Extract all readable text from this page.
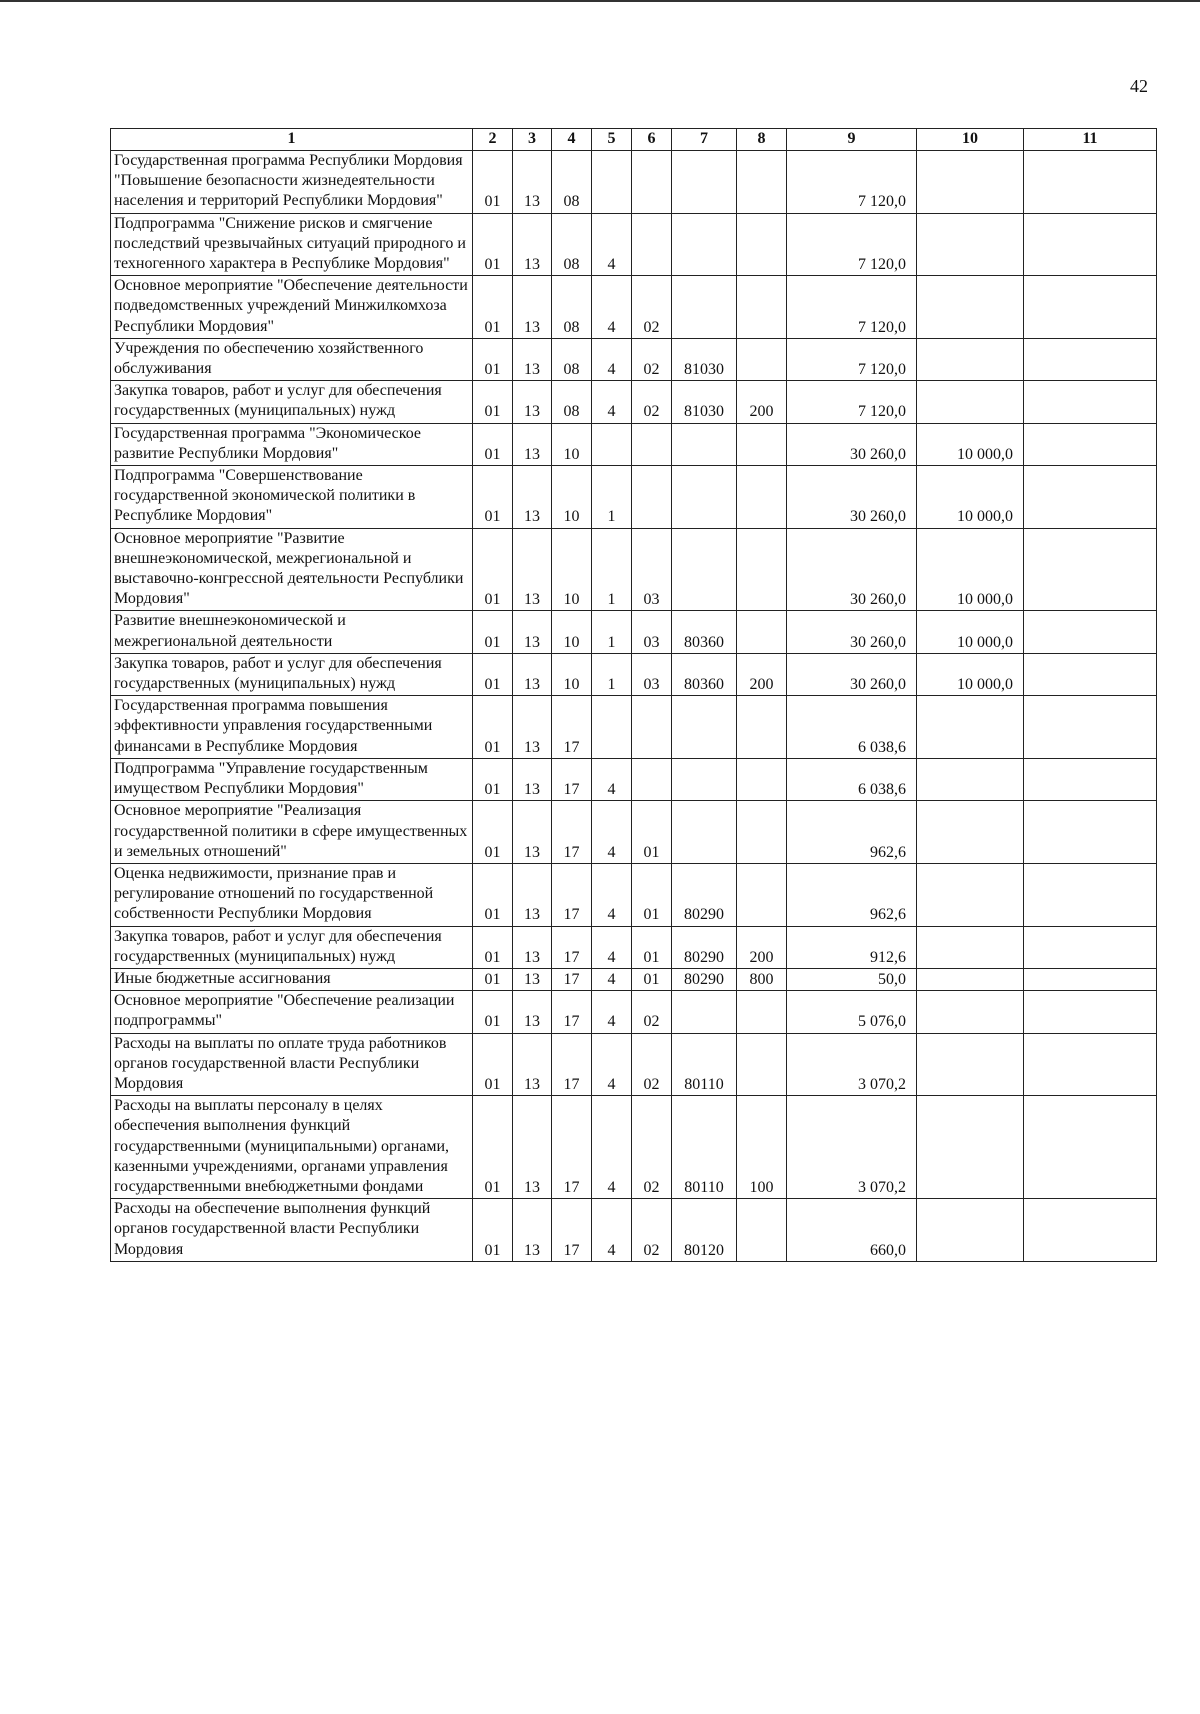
42
1	2	3	4	5	6	7	8	9	10	11
Государственная программа Республики Мордовия "Повышение безопасности жизнедеятельности населения и территорий Республики Мордовия"	01	13	08					7 120,0		
Подпрограмма "Снижение рисков и смягчение последствий чрезвычайных ситуаций природного и техногенного характера в Республике Мордовия"	01	13	08	4				7 120,0		
Основное мероприятие "Обеспечение деятельности подведомственных учреждений Минжилкомхоза Республики Мордовия"	01	13	08	4	02			7 120,0		
Учреждения по обеспечению хозяйственного обслуживания	01	13	08	4	02	81030		7 120,0		
Закупка товаров, работ и услуг для обеспечения государственных (муниципальных) нужд	01	13	08	4	02	81030	200	7 120,0		
Государственная программа "Экономическое развитие Республики Мордовия"	01	13	10					30 260,0	10 000,0	
Подпрограмма "Совершенствование государственной экономической политики в Республике Мордовия"	01	13	10	1				30 260,0	10 000,0	
Основное мероприятие "Развитие внешнеэкономической, межрегиональной и выставочно-конгрессной деятельности Республики Мордовия"	01	13	10	1	03			30 260,0	10 000,0	
Развитие внешнеэкономической и межрегиональной деятельности	01	13	10	1	03	80360		30 260,0	10 000,0	
Закупка товаров, работ и услуг для обеспечения государственных (муниципальных) нужд	01	13	10	1	03	80360	200	30 260,0	10 000,0	
Государственная программа повышения эффективности управления государственными финансами в Республике Мордовия	01	13	17					6 038,6		
Подпрограмма "Управление государственным имуществом Республики Мордовия"	01	13	17	4				6 038,6		
Основное мероприятие "Реализация государственной политики в сфере имущественных и земельных отношений"	01	13	17	4	01			962,6		
Оценка недвижимости, признание прав и регулирование отношений по государственной собственности Республики Мордовия	01	13	17	4	01	80290		962,6		
Закупка товаров, работ и услуг для обеспечения государственных (муниципальных) нужд	01	13	17	4	01	80290	200	912,6		
Иные бюджетные ассигнования	01	13	17	4	01	80290	800	50,0		
Основное мероприятие "Обеспечение реализации подпрограммы"	01	13	17	4	02			5 076,0		
Расходы на выплаты по оплате труда работников органов государственной власти Республики Мордовия	01	13	17	4	02	80110		3 070,2		
Расходы на выплаты персоналу в целях обеспечения выполнения функций государственными (муниципальными) органами, казенными учреждениями, органами управления государственными внебюджетными фондами	01	13	17	4	02	80110	100	3 070,2		
Расходы на обеспечение выполнения функций органов государственной власти Республики Мордовия	01	13	17	4	02	80120		660,0		
